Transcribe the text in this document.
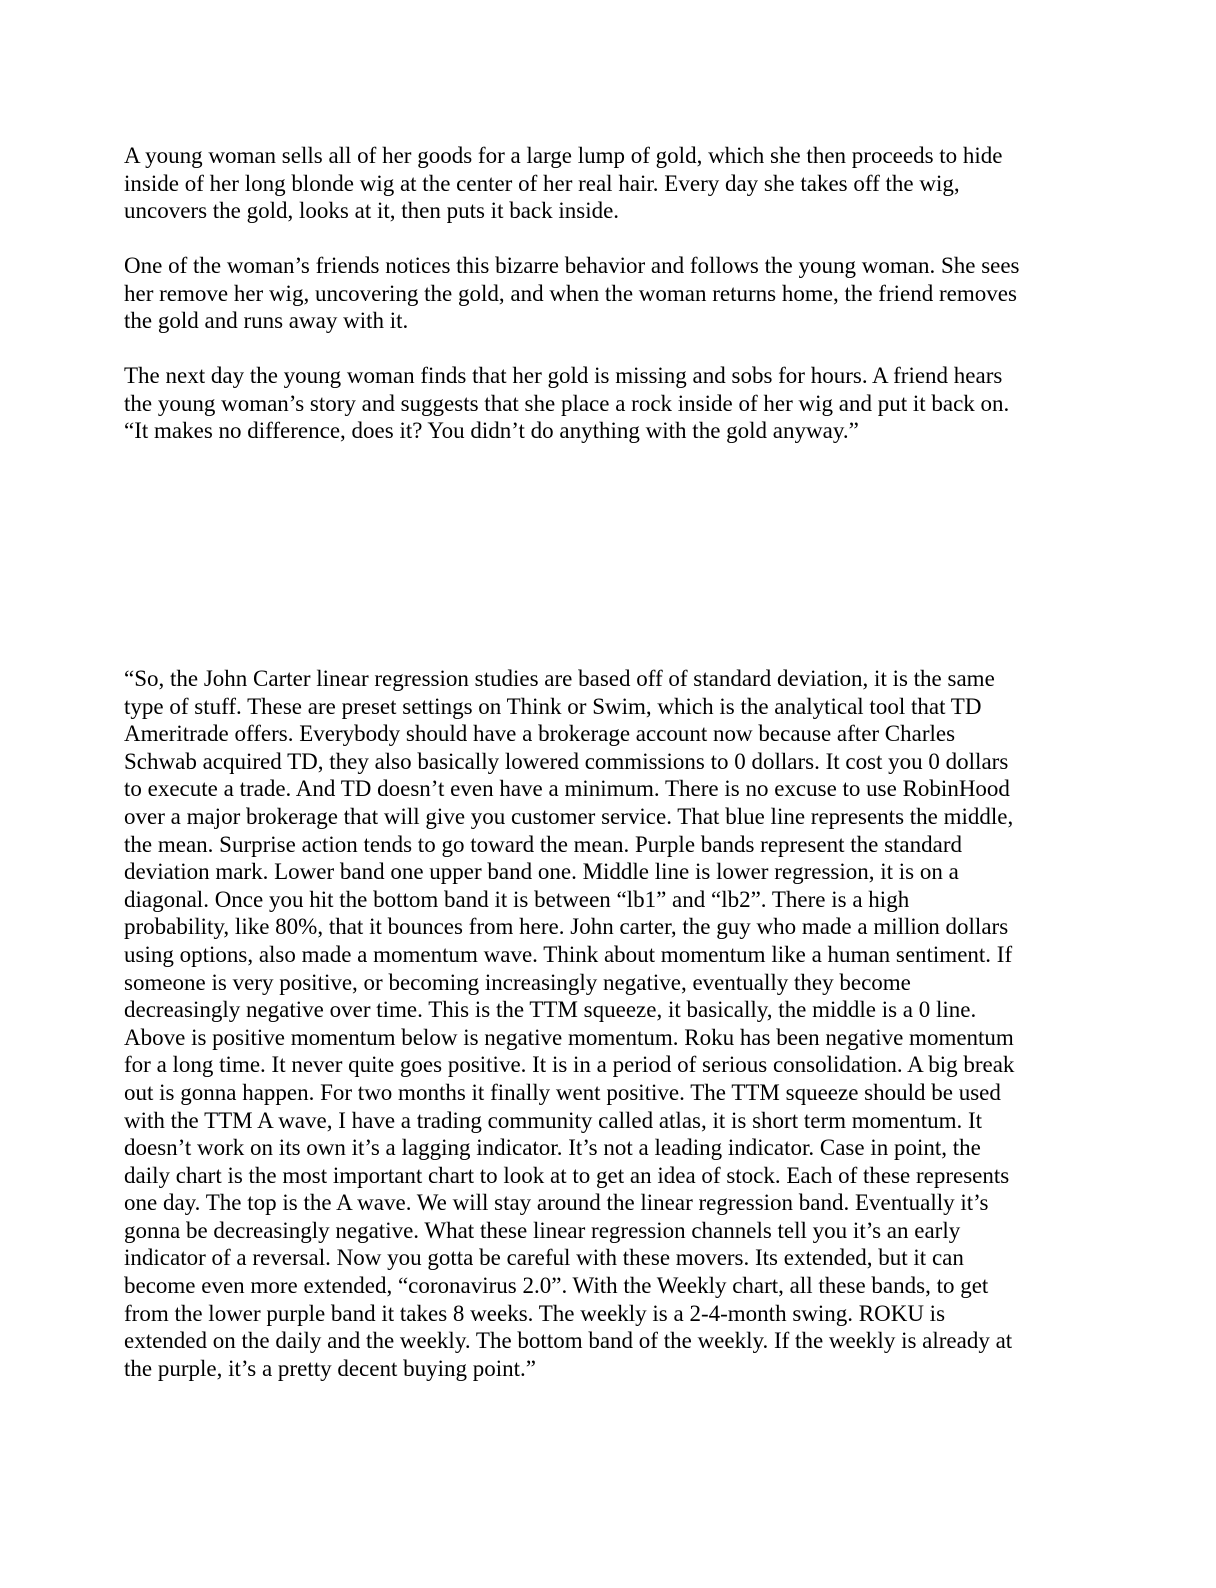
A young woman sells all of her goods for a large lump of gold, which she then proceeds to hide
inside of her long blonde wig at the center of her real hair. Every day she takes off the wig,
uncovers the gold, looks at it, then puts it back inside.

One of the woman’s friends notices this bizarre behavior and follows the young woman. She sees
her remove her wig, uncovering the gold, and when the woman returns home, the friend removes
the gold and runs away with it.

The next day the young woman finds that her gold is missing and sobs for hours. A friend hears
the young woman’s story and suggests that she place a rock inside of her wig and put it back on.
“It makes no difference, does it? You didn’t do anything with the gold anyway.”

“So, the John Carter linear regression studies are based off of standard deviation, it is the same
type of stuff. These are preset settings on Think or Swim, which is the analytical tool that TD
Ameritrade offers. Everybody should have a brokerage account now because after Charles
Schwab acquired TD, they also basically lowered commissions to 0 dollars. It cost you 0 dollars
to execute a trade. And TD doesn’t even have a minimum. There is no excuse to use RobinHood
over a major brokerage that will give you customer service. That blue line represents the middle,
the mean. Surprise action tends to go toward the mean. Purple bands represent the standard
deviation mark. Lower band one upper band one. Middle line is lower regression, it is on a
diagonal. Once you hit the bottom band it is between “lb1” and “lb2”. There is a high
probability, like 80%, that it bounces from here. John carter, the guy who made a million dollars
using options, also made a momentum wave. Think about momentum like a human sentiment. If
someone is very positive, or becoming increasingly negative, eventually they become
decreasingly negative over time. This is the TTM squeeze, it basically, the middle is a 0 line.
Above is positive momentum below is negative momentum. Roku has been negative momentum
for a long time. It never quite goes positive. It is in a period of serious consolidation. A big break
out is gonna happen. For two months it finally went positive. The TTM squeeze should be used
with the TTM A wave, I have a trading community called atlas, it is short term momentum. It
doesn’t work on its own it’s a lagging indicator. It’s not a leading indicator. Case in point, the
daily chart is the most important chart to look at to get an idea of stock. Each of these represents
one day. The top is the A wave. We will stay around the linear regression band. Eventually it’s
gonna be decreasingly negative. What these linear regression channels tell you it’s an early
indicator of a reversal. Now you gotta be careful with these movers. Its extended, but it can
become even more extended, “coronavirus 2.0”. With the Weekly chart, all these bands, to get
from the lower purple band it takes 8 weeks. The weekly is a 2-4-month swing. ROKU is
extended on the daily and the weekly. The bottom band of the weekly. If the weekly is already at
the purple, it’s a pretty decent buying point.”
